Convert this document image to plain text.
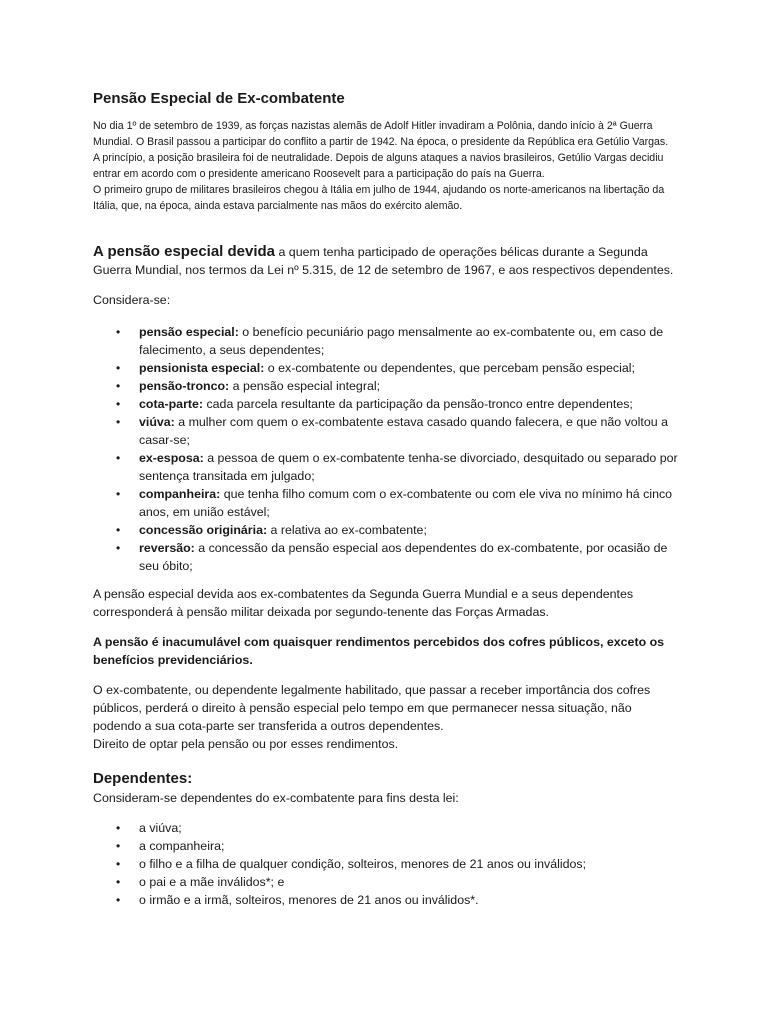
Pensão Especial de Ex-combatente

No dia 1º de setembro de 1939, as forças nazistas alemãs de Adolf Hitler invadiram a Polônia, dando início à 2ª Guerra Mundial. O Brasil passou a participar do conflito a partir de 1942. Na época, o presidente da República era Getúlio Vargas.

A princípio, a posição brasileira foi de neutralidade. Depois de alguns ataques a navios brasileiros, Getúlio Vargas decidiu entrar em acordo com o presidente americano Roosevelt para a participação do país na Guerra.

O primeiro grupo de militares brasileiros chegou à Itália em julho de 1944, ajudando os norte-americanos na libertação da Itália, que, na época, ainda estava parcialmente nas mãos do exército alemão.

A pensão especial devida a quem tenha participado de operações bélicas durante a Segunda Guerra Mundial, nos termos da Lei nº 5.315, de 12 de setembro de 1967, e aos respectivos dependentes.

Considera-se:

• pensão especial: o benefício pecuniário pago mensalmente ao ex-combatente ou, em caso de falecimento, a seus dependentes;
• pensionista especial: o ex-combatente ou dependentes, que percebam pensão especial;
• pensão-tronco: a pensão especial integral;
• cota-parte: cada parcela resultante da participação da pensão-tronco entre dependentes;
• viúva: a mulher com quem o ex-combatente estava casado quando falecera, e que não voltou a casar-se;
• ex-esposa: a pessoa de quem o ex-combatente tenha-se divorciado, desquitado ou separado por sentença transitada em julgado;
• companheira: que tenha filho comum com o ex-combatente ou com ele viva no mínimo há cinco anos, em união estável;
• concessão originária: a relativa ao ex-combatente;
• reversão: a concessão da pensão especial aos dependentes do ex-combatente, por ocasião de seu óbito;

A pensão especial devida aos ex-combatentes da Segunda Guerra Mundial e a seus dependentes corresponderá à pensão militar deixada por segundo-tenente das Forças Armadas.

A pensão é inacumulável com quaisquer rendimentos percebidos dos cofres públicos, exceto os benefícios previdenciários.

O ex-combatente, ou dependente legalmente habilitado, que passar a receber importância dos cofres públicos, perderá o direito à pensão especial pelo tempo em que permanecer nessa situação, não podendo a sua cota-parte ser transferida a outros dependentes.
Direito de optar pela pensão ou por esses rendimentos.

Dependentes:

Consideram-se dependentes do ex-combatente para fins desta lei:

• a viúva;
• a companheira;
• o filho e a filha de qualquer condição, solteiros, menores de 21 anos ou inválidos;
• o pai e a mãe inválidos*; e
• o irmão e a irmã, solteiros, menores de 21 anos ou inválidos*.
